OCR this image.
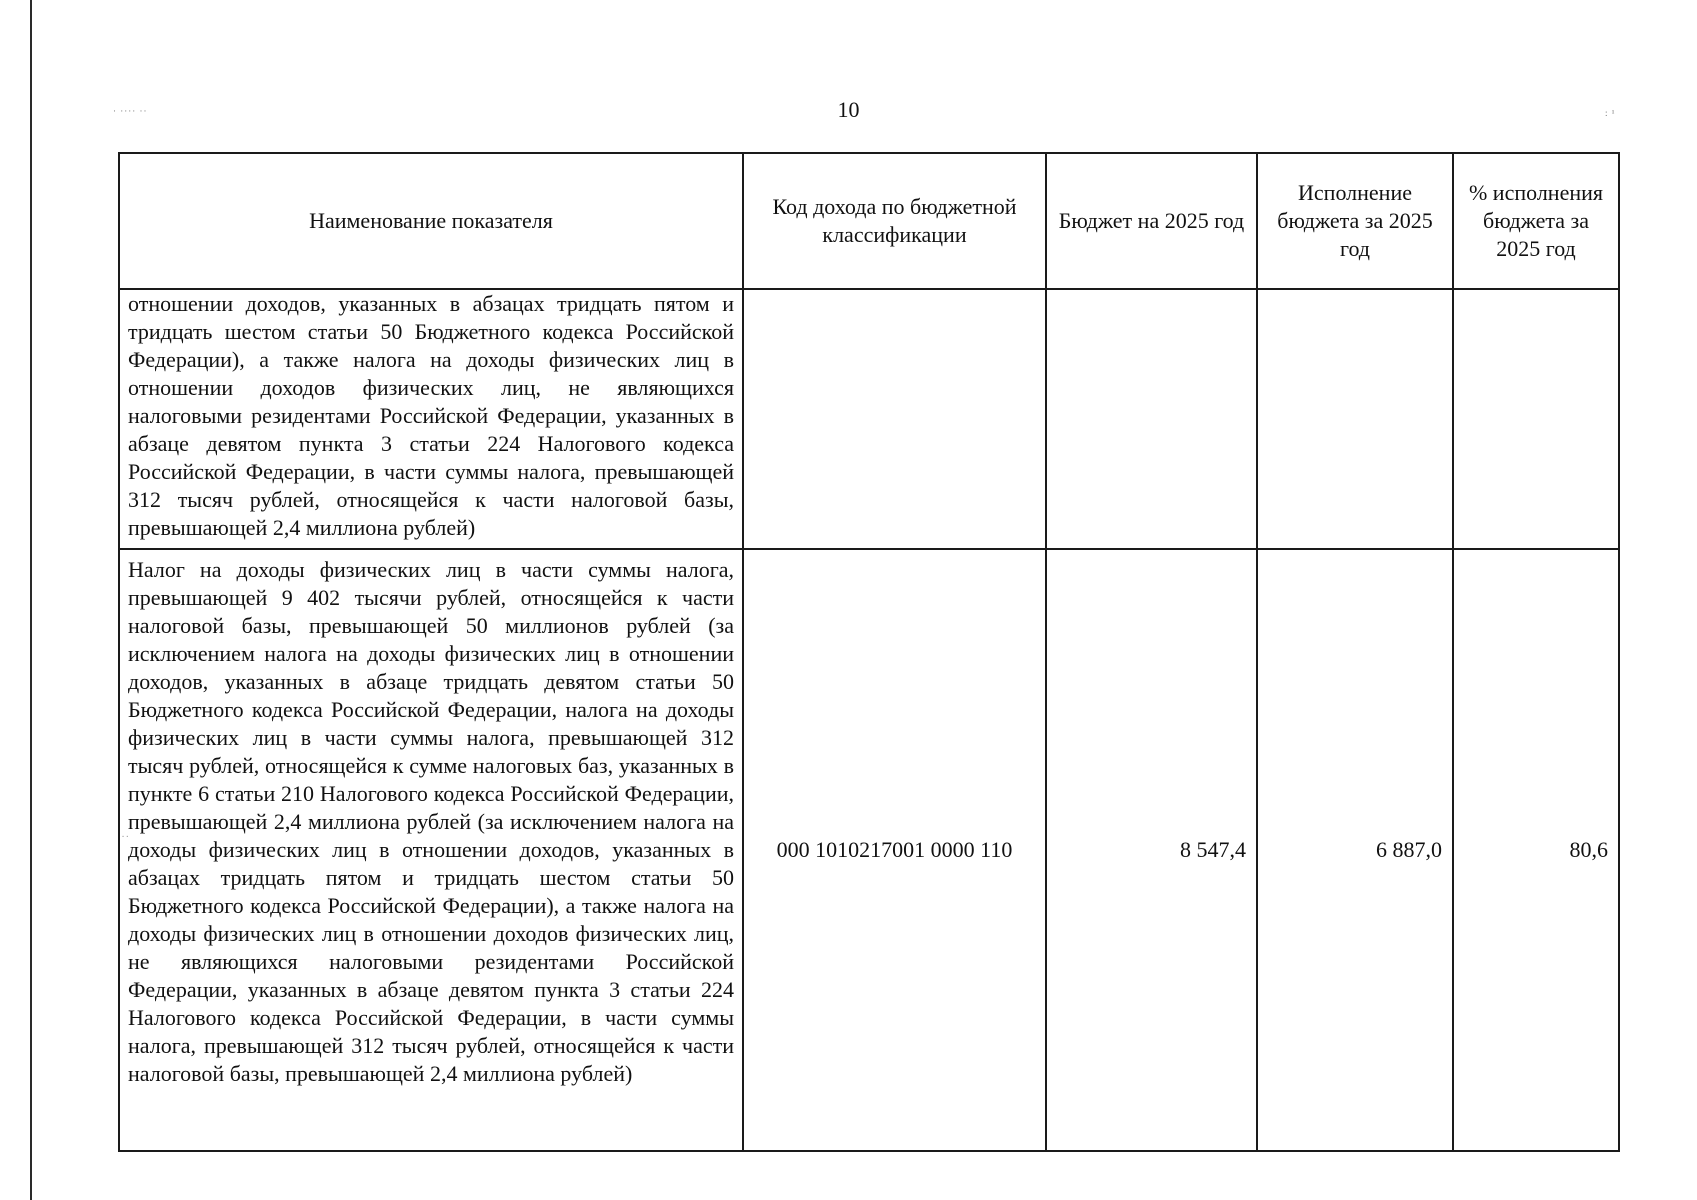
· ···· ··	: ¹
···
10
Наименование показателя	Код дохода по бюджетной классификации	Бюджет на 2025 год	Исполнение бюджета за 2025 год	% исполнения бюджета за 2025 год

отношении доходов, указанных в абзацах тридцать пятом и тридцать шестом статьи 50 Бюджетного кодекса Российской Федерации), а также налога на доходы физических лиц в отношении доходов физических лиц, не являющихся налоговыми резидентами Российской Федерации, указанных в абзаце девятом пункта 3 статьи 224 Налогового кодекса Российской Федерации, в части суммы налога, превышающей 312 тысяч рублей, относящейся к части налоговой базы, превышающей 2,4 миллиона рублей)				

Налог на доходы физических лиц в части суммы налога, превышающей 9 402 тысячи рублей, относящейся к части налоговой базы, превышающей 50 миллионов рублей (за исключением налога на доходы физических лиц в отношении доходов, указанных в абзаце тридцать девятом статьи 50 Бюджетного кодекса Российской Федерации, налога на доходы физических лиц в части суммы налога, превышающей 312 тысяч рублей, относящейся к сумме налоговых баз, указанных в пункте 6 статьи 210 Налогового кодекса Российской Федерации, превышающей 2,4 миллиона рублей (за исключением налога на доходы физических лиц в отношении доходов, указанных в абзацах тридцать пятом и тридцать шестом статьи 50 Бюджетного кодекса Российской Федерации), а также налога на доходы физических лиц в отношении доходов физических лиц, не являющихся налоговыми резидентами Российской Федерации, указанных в абзаце девятом пункта 3 статьи 224 Налогового кодекса Российской Федерации, в части суммы налога, превышающей 312 тысяч рублей, относящейся к части налоговой базы, превышающей 2,4 миллиона рублей)	000 1010217001 0000 110	8 547,4	6 887,0	80,6
